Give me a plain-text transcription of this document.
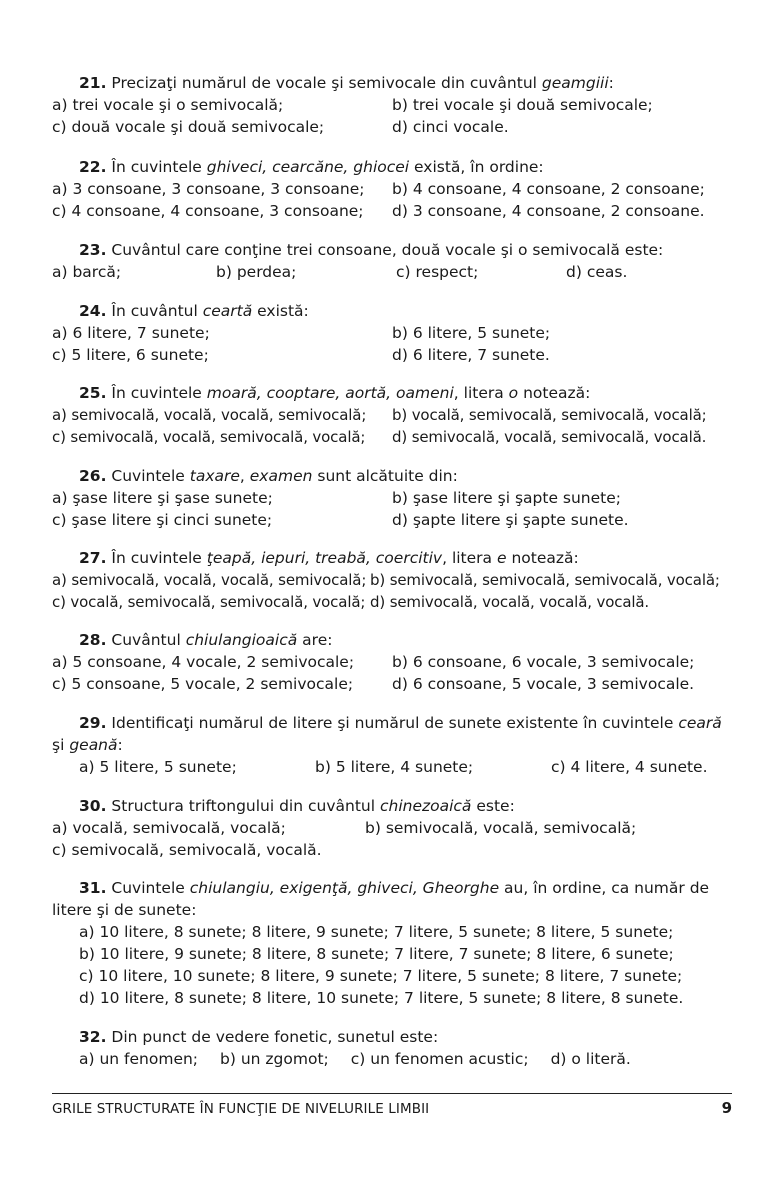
21. Precizaţi numărul de vocale şi semivocale din cuvântul geamgiii:
a) trei vocale şi o semivocală;	b) trei vocale şi două semivocale;
c) două vocale şi două semivocale;	d) cinci vocale.
22. În cuvintele ghiveci, cearcăne, ghiocei există, în ordine:
a) 3 consoane, 3 consoane, 3 consoane;	b) 4 consoane, 4 consoane, 2 consoane;
c) 4 consoane, 4 consoane, 3 consoane;	d) 3 consoane, 4 consoane, 2 consoane.
23. Cuvântul care conţine trei consoane, două vocale şi o semivocală este:
a) barcă;	b) perdea;	c) respect;	d) ceas.
24. În cuvântul ceartă există:
a) 6 litere, 7 sunete;	b) 6 litere, 5 sunete;
c) 5 litere, 6 sunete;	d) 6 litere, 7 sunete.
25. În cuvintele moară, cooptare, aortă, oameni, litera o notează:
a) semivocală, vocală, vocală, semivocală;	b) vocală, semivocală, semivocală, vocală;
c) semivocală, vocală, semivocală, vocală;	d) semivocală, vocală, semivocală, vocală.
26. Cuvintele taxare, examen sunt alcătuite din:
a) şase litere şi şase sunete;	b) şase litere şi şapte sunete;
c) şase litere şi cinci sunete;	d) şapte litere şi şapte sunete.
27. În cuvintele ţeapă, iepuri, treabă, coercitiv, litera e notează:
a) semivocală, vocală, vocală, semivocală; b) semivocală, semivocală, semivocală, vocală;
c) vocală, semivocală, semivocală, vocală; d) semivocală, vocală, vocală, vocală.
28. Cuvântul chiulangioaică are:
a) 5 consoane, 4 vocale, 2 semivocale;	b) 6 consoane, 6 vocale, 3 semivocale;
c) 5 consoane, 5 vocale, 2 semivocale;	d) 6 consoane, 5 vocale, 3 semivocale.
29. Identificaţi numărul de litere şi numărul de sunete existente în cuvintele ceară şi geană:
a) 5 litere, 5 sunete;	b) 5 litere, 4 sunete;	c) 4 litere, 4 sunete.
30. Structura triftongului din cuvântul chinezoaică este:
a) vocală, semivocală, vocală;	b) semivocală, vocală, semivocală;
c) semivocală, semivocală, vocală.
31. Cuvintele chiulangiu, exigenţă, ghiveci, Gheorghe au, în ordine, ca număr de litere şi de sunete:
a) 10 litere, 8 sunete; 8 litere, 9 sunete; 7 litere, 5 sunete; 8 litere, 5 sunete;
b) 10 litere, 9 sunete; 8 litere, 8 sunete; 7 litere, 7 sunete; 8 litere, 6 sunete;
c) 10 litere, 10 sunete; 8 litere, 9 sunete; 7 litere, 5 sunete; 8 litere, 7 sunete;
d) 10 litere, 8 sunete; 8 litere, 10 sunete; 7 litere, 5 sunete; 8 litere, 8 sunete.
32. Din punct de vedere fonetic, sunetul este:
a) un fenomen; b) un zgomot; c) un fenomen acustic; d) o literă.
GRILE STRUCTURATE ÎN FUNCŢIE DE NIVELURILE LIMBII	9
